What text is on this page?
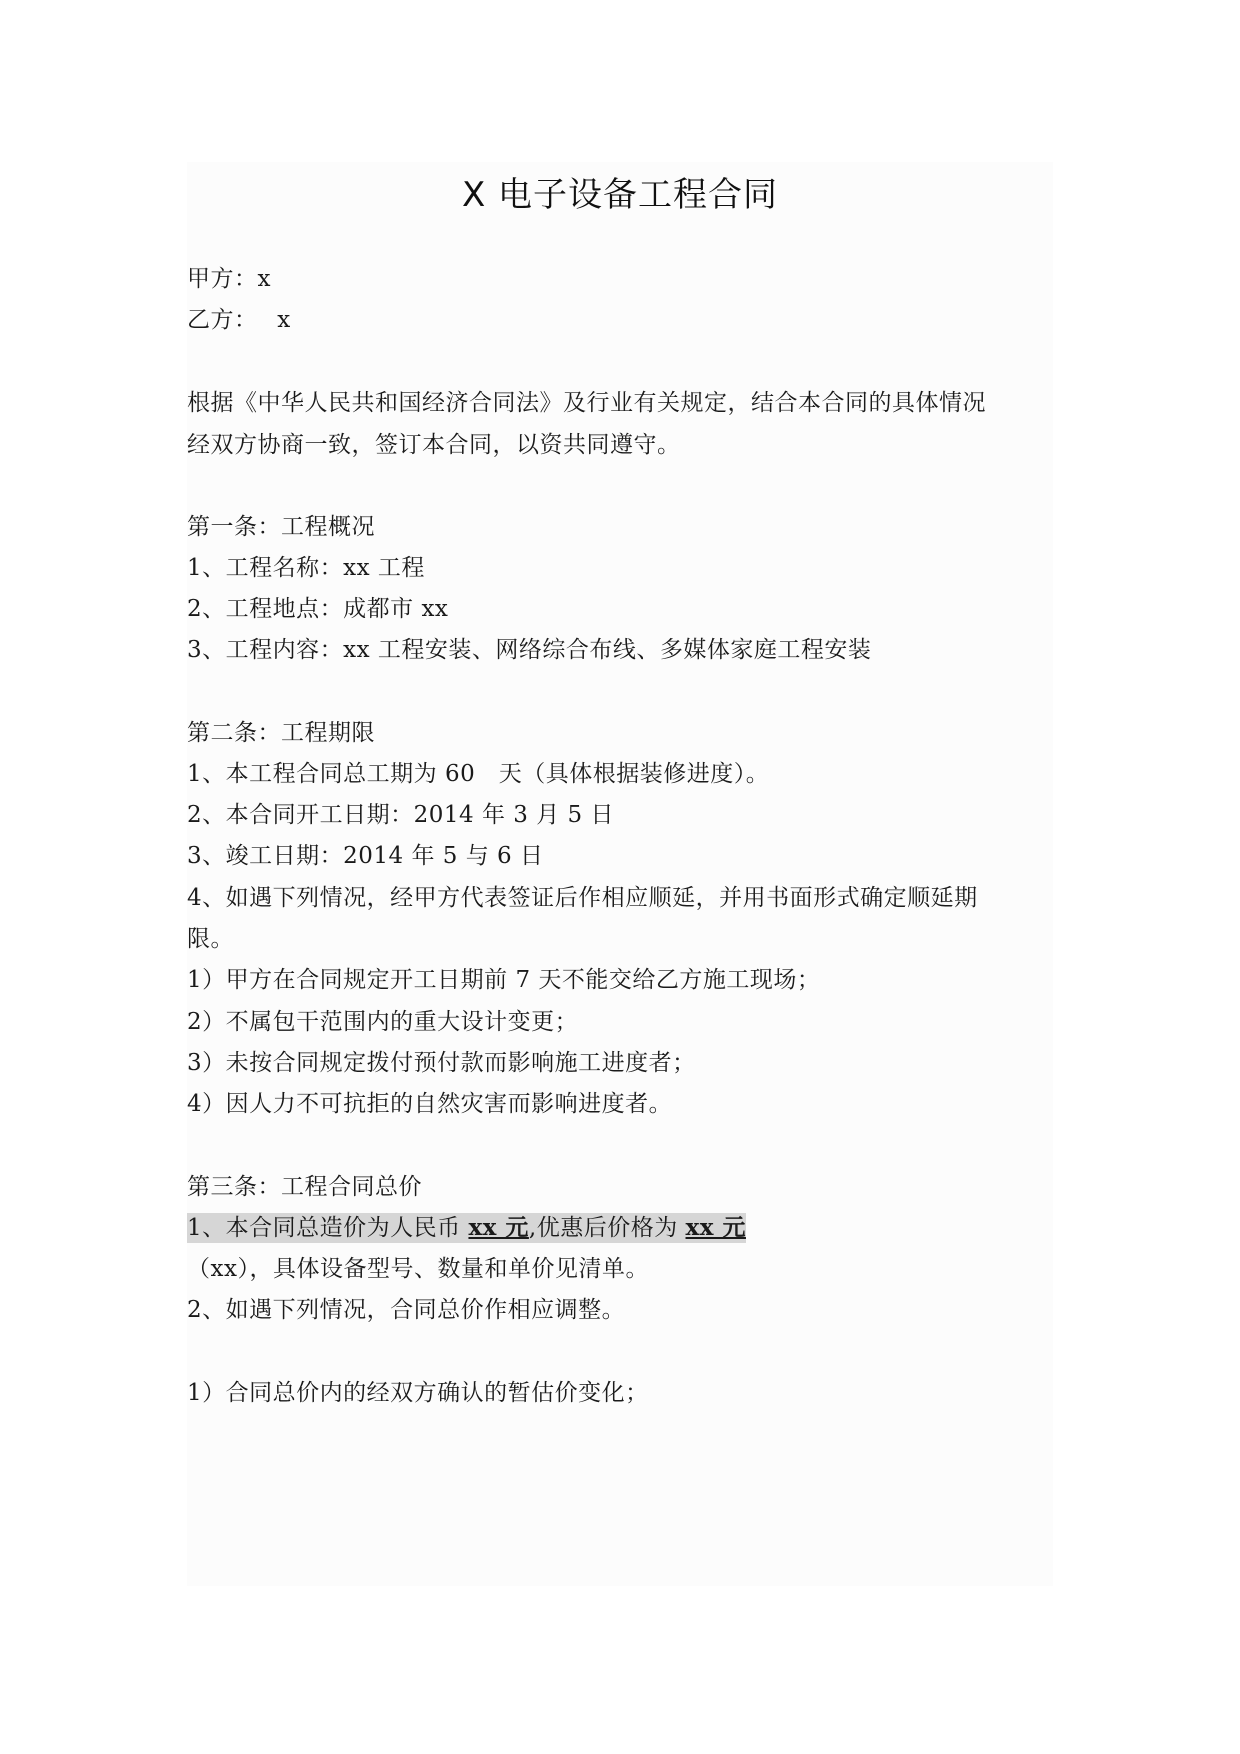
X 电子设备工程合同
甲方：x
乙方：　 x
根据《中华人民共和国经济合同法》及行业有关规定，结合本合同的具体情况
经双方协商一致，签订本合同，以资共同遵守。
第一条：工程概况
1、工程名称：xx 工程
2、工程地点：成都市 xx
3、工程内容：xx 工程安装、网络综合布线、多媒体家庭工程安装
第二条：工程期限
1、本工程合同总工期为 60　天（具体根据装修进度）。
2、本合同开工日期：2014 年 3 月 5 日
3、竣工日期：2014 年 5 与 6 日
4、如遇下列情况，经甲方代表签证后作相应顺延，并用书面形式确定顺延期
限。
1）甲方在合同规定开工日期前 7 天不能交给乙方施工现场；
2）不属包干范围内的重大设计变更；
3）未按合同规定拨付预付款而影响施工进度者；
4）因人力不可抗拒的自然灾害而影响进度者。
第三条：工程合同总价
1、本合同总造价为人民币 xx 元,优惠后价格为 xx 元
（xx），具体设备型号、数量和单价见清单。
2、如遇下列情况，合同总价作相应调整。
1）合同总价内的经双方确认的暂估价变化；
